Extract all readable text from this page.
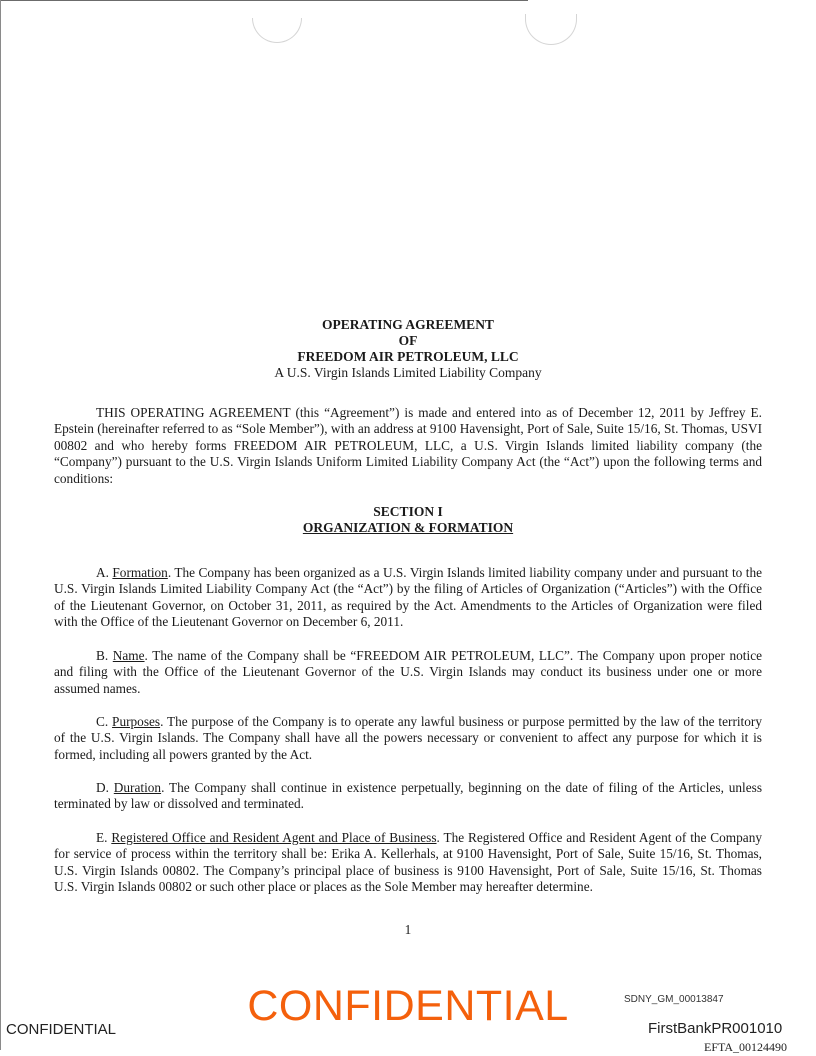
OPERATING AGREEMENT
OF
FREEDOM AIR PETROLEUM, LLC
A U.S. Virgin Islands Limited Liability Company

THIS OPERATING AGREEMENT (this “Agreement”) is made and entered into as of December 12, 2011 by Jeffrey E. Epstein (hereinafter referred to as “Sole Member”), with an address at 9100 Havensight, Port of Sale, Suite 15/16, St. Thomas, USVI 00802 and who hereby forms FREEDOM AIR PETROLEUM, LLC, a U.S. Virgin Islands limited liability company (the “Company”) pursuant to the U.S. Virgin Islands Uniform Limited Liability Company Act (the “Act”) upon the following terms and conditions:

SECTION I
ORGANIZATION & FORMATION

A. Formation. The Company has been organized as a U.S. Virgin Islands limited liability company under and pursuant to the U.S. Virgin Islands Limited Liability Company Act (the “Act”) by the filing of Articles of Organization (“Articles”) with the Office of the Lieutenant Governor, on October 31, 2011, as required by the Act. Amendments to the Articles of Organization were filed with the Office of the Lieutenant Governor on December 6, 2011.

B. Name. The name of the Company shall be “FREEDOM AIR PETROLEUM, LLC”. The Company upon proper notice and filing with the Office of the Lieutenant Governor of the U.S. Virgin Islands may conduct its business under one or more assumed names.

C. Purposes. The purpose of the Company is to operate any lawful business or purpose permitted by the law of the territory of the U.S. Virgin Islands. The Company shall have all the powers necessary or convenient to affect any purpose for which it is formed, including all powers granted by the Act.

D. Duration. The Company shall continue in existence perpetually, beginning on the date of filing of the Articles, unless terminated by law or dissolved and terminated.

E. Registered Office and Resident Agent and Place of Business. The Registered Office and Resident Agent of the Company for service of process within the territory shall be: Erika A. Kellerhals, at 9100 Havensight, Port of Sale, Suite 15/16, St. Thomas, U.S. Virgin Islands 00802. The Company’s principal place of business is 9100 Havensight, Port of Sale, Suite 15/16, St. Thomas U.S. Virgin Islands 00802 or such other place or places as the Sole Member may hereafter determine.

1
CONFIDENTIAL
CONFIDENTIAL
SDNY_GM_00013847
FirstBankPR001010
EFTA_00124490
